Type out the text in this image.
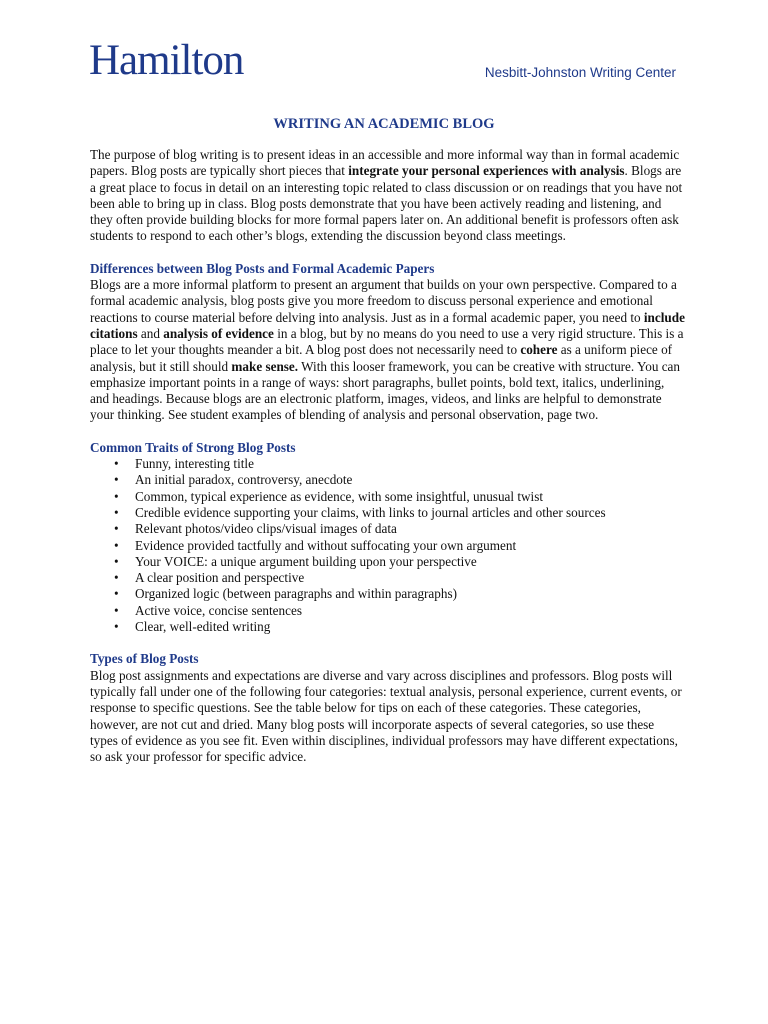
Hamilton	Nesbitt-Johnston Writing Center
WRITING AN ACADEMIC BLOG

The purpose of blog writing is to present ideas in an accessible and more informal way than in formal academic papers. Blog posts are typically short pieces that integrate your personal experiences with analysis. Blogs are a great place to focus in detail on an interesting topic related to class discussion or on readings that you have not been able to bring up in class. Blog posts demonstrate that you have been actively reading and listening, and they often provide building blocks for more formal papers later on. An additional benefit is professors often ask students to respond to each other’s blogs, extending the discussion beyond class meetings.

Differences between Blog Posts and Formal Academic Papers

Blogs are a more informal platform to present an argument that builds on your own perspective. Compared to a formal academic analysis, blog posts give you more freedom to discuss personal experience and emotional reactions to course material before delving into analysis. Just as in a formal academic paper, you need to include citations and analysis of evidence in a blog, but by no means do you need to use a very rigid structure. This is a place to let your thoughts meander a bit. A blog post does not necessarily need to cohere as a uniform piece of analysis, but it still should make sense. With this looser framework, you can be creative with structure. You can emphasize important points in a range of ways: short paragraphs, bullet points, bold text, italics, underlining, and headings. Because blogs are an electronic platform, images, videos, and links are helpful to demonstrate your thinking. See student examples of blending of analysis and personal observation, page two.

Common Traits of Strong Blog Posts
• Funny, interesting title
• An initial paradox, controversy, anecdote
• Common, typical experience as evidence, with some insightful, unusual twist
• Credible evidence supporting your claims, with links to journal articles and other sources
• Relevant photos/video clips/visual images of data
• Evidence provided tactfully and without suffocating your own argument
• Your VOICE: a unique argument building upon your perspective
• A clear position and perspective
• Organized logic (between paragraphs and within paragraphs)
• Active voice, concise sentences
• Clear, well-edited writing
Types of Blog Posts

Blog post assignments and expectations are diverse and vary across disciplines and professors. Blog posts will typically fall under one of the following four categories: textual analysis, personal experience, current events, or response to specific questions. See the table below for tips on each of these categories. These categories, however, are not cut and dried. Many blog posts will incorporate aspects of several categories, so use these types of evidence as you see fit. Even within disciplines, individual professors may have different expectations, so ask your professor for specific advice.
